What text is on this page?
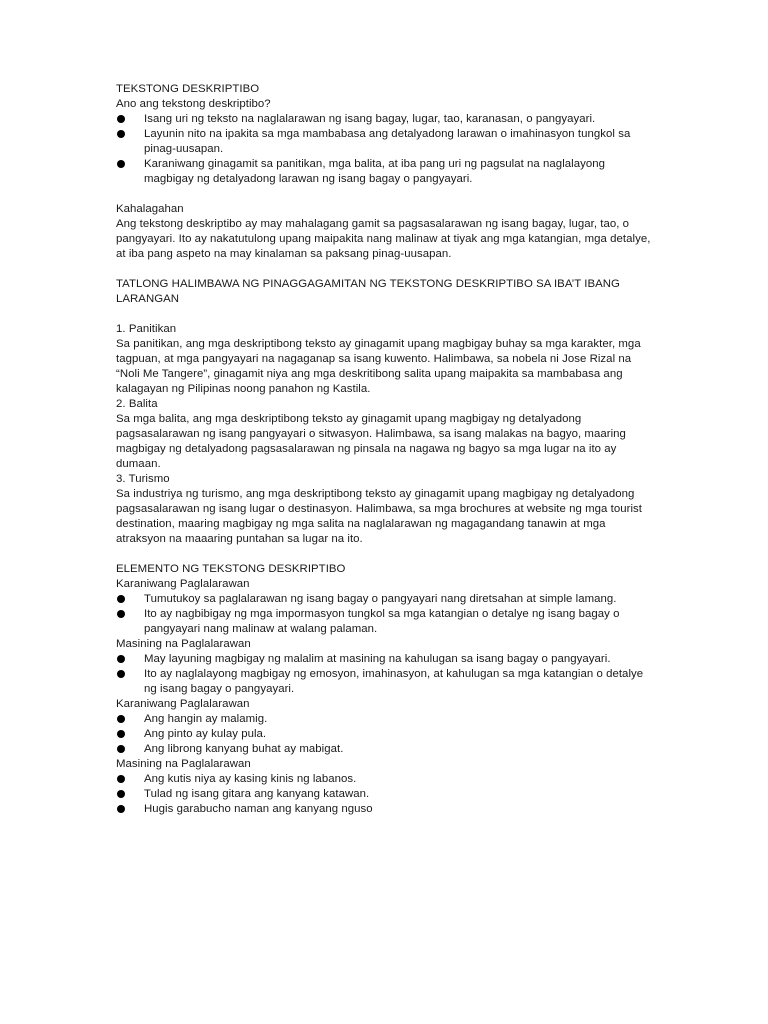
TEKSTONG DESKRIPTIBO

Ano ang tekstong deskriptibo?

Isang uri ng teksto na naglalarawan ng isang bagay, lugar, tao, karanasan, o pangyayari.
Layunin nito na ipakita sa mga mambabasa ang detalyadong larawan o imahinasyon tungkol sa pinag-uusapan.
Karaniwang ginagamit sa panitikan, mga balita, at iba pang uri ng pagsulat na naglalayong magbigay ng detalyadong larawan ng isang bagay o pangyayari.

Kahalagahan

Ang tekstong deskriptibo ay may mahalagang gamit sa pagsasalarawan ng isang bagay, lugar, tao, o pangyayari. Ito ay nakatutulong upang maipakita nang malinaw at tiyak ang mga katangian, mga detalye, at iba pang aspeto na may kinalaman sa paksang pinag-uusapan.

TATLONG HALIMBAWA NG PINAGGAGAMITAN NG TEKSTONG DESKRIPTIBO SA IBA’T IBANG LARANGAN

1. Panitikan

Sa panitikan, ang mga deskriptibong teksto ay ginagamit upang magbigay buhay sa mga karakter, mga tagpuan, at mga pangyayari na nagaganap sa isang kuwento. Halimbawa, sa nobela ni Jose Rizal na “Noli Me Tangere”, ginagamit niya ang mga deskritibong salita upang maipakita sa mambabasa ang kalagayan ng Pilipinas noong panahon ng Kastila.

2. Balita

Sa mga balita, ang mga deskriptibong teksto ay ginagamit upang magbigay ng detalyadong pagsasalarawan ng isang pangyayari o sitwasyon. Halimbawa, sa isang malakas na bagyo, maaring magbigay ng detalyadong pagsasalarawan ng pinsala na nagawa ng bagyo sa mga lugar na ito ay dumaan.

3. Turismo

Sa industriya ng turismo, ang mga deskriptibong teksto ay ginagamit upang magbigay ng detalyadong pagsasalarawan ng isang lugar o destinasyon. Halimbawa, sa mga brochures at website ng mga tourist destination, maaring magbigay ng mga salita na naglalarawan ng magagandang tanawin at mga atraksyon na maaaring puntahan sa lugar na ito.

ELEMENTO NG TEKSTONG DESKRIPTIBO

Karaniwang Paglalarawan

Tumutukoy sa paglalarawan ng isang bagay o pangyayari nang diretsahan at simple lamang.
Ito ay nagbibigay ng mga impormasyon tungkol sa mga katangian o detalye ng isang bagay o pangyayari nang malinaw at walang palaman.

Masining na Paglalarawan

May layuning magbigay ng malalim at masining na kahulugan sa isang bagay o pangyayari.
Ito ay naglalayong magbigay ng emosyon, imahinasyon, at kahulugan sa mga katangian o detalye ng isang bagay o pangyayari.

Karaniwang Paglalarawan

Ang hangin ay malamig.
Ang pinto ay kulay pula.
Ang librong kanyang buhat ay mabigat.

Masining na Paglalarawan

Ang kutis niya ay kasing kinis ng labanos.
Tulad ng isang gitara ang kanyang katawan.
Hugis garabucho naman ang kanyang nguso
